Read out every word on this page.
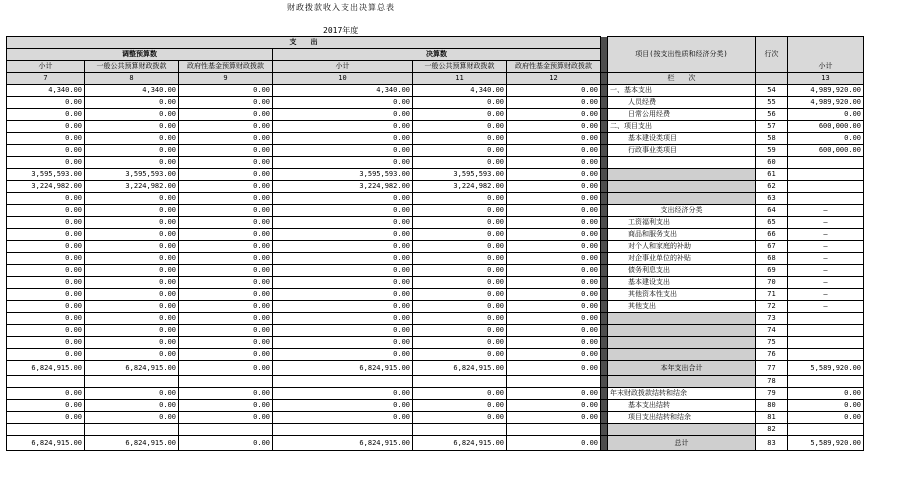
财政拨款收入支出决算总表
2017年度
支　　出							项目(按支出性质和经济分类)	行次	
调整预算数			决算数						
小计	一般公共预算财政拨款	政府性基金预算财政拨款	小计	一般公共预算财政拨款	政府性基金预算财政拨款				小计
7	8	9	10	11	12		栏　　次		13
4,340.00	4,340.00	0.00	4,340.00	4,340.00	0.00		一、基本支出	54	4,989,920.00
0.00	0.00	0.00	0.00	0.00	0.00		人员经费	55	4,989,920.00
0.00	0.00	0.00	0.00	0.00	0.00		日常公用经费	56	0.00
0.00	0.00	0.00	0.00	0.00	0.00		二、项目支出	57	600,000.00
0.00	0.00	0.00	0.00	0.00	0.00		基本建设类项目	58	0.00
0.00	0.00	0.00	0.00	0.00	0.00		行政事业类项目	59	600,000.00
0.00	0.00	0.00	0.00	0.00	0.00			60	
3,595,593.00	3,595,593.00	0.00	3,595,593.00	3,595,593.00	0.00			61	
3,224,982.00	3,224,982.00	0.00	3,224,982.00	3,224,982.00	0.00			62	
0.00	0.00	0.00	0.00	0.00	0.00			63	
0.00	0.00	0.00	0.00	0.00	0.00		支出经济分类	64	—
0.00	0.00	0.00	0.00	0.00	0.00		工资福利支出	65	—
0.00	0.00	0.00	0.00	0.00	0.00		商品和服务支出	66	—
0.00	0.00	0.00	0.00	0.00	0.00		对个人和家庭的补助	67	—
0.00	0.00	0.00	0.00	0.00	0.00		对企事业单位的补贴	68	—
0.00	0.00	0.00	0.00	0.00	0.00		债务利息支出	69	—
0.00	0.00	0.00	0.00	0.00	0.00		基本建设支出	70	—
0.00	0.00	0.00	0.00	0.00	0.00		其他资本性支出	71	—
0.00	0.00	0.00	0.00	0.00	0.00		其他支出	72	—
0.00	0.00	0.00	0.00	0.00	0.00			73	
0.00	0.00	0.00	0.00	0.00	0.00			74	
0.00	0.00	0.00	0.00	0.00	0.00			75	
0.00	0.00	0.00	0.00	0.00	0.00			76	
6,824,915.00	6,824,915.00	0.00	6,824,915.00	6,824,915.00	0.00		本年支出合计	77	5,589,920.00
								78	
0.00	0.00	0.00	0.00	0.00	0.00		年末财政拨款结转和结余	79	0.00
0.00	0.00	0.00	0.00	0.00	0.00		基本支出结转	80	0.00
0.00	0.00	0.00	0.00	0.00	0.00		项目支出结转和结余	81	0.00
								82	
6,824,915.00	6,824,915.00	0.00	6,824,915.00	6,824,915.00	0.00		总计	83	5,589,920.00
